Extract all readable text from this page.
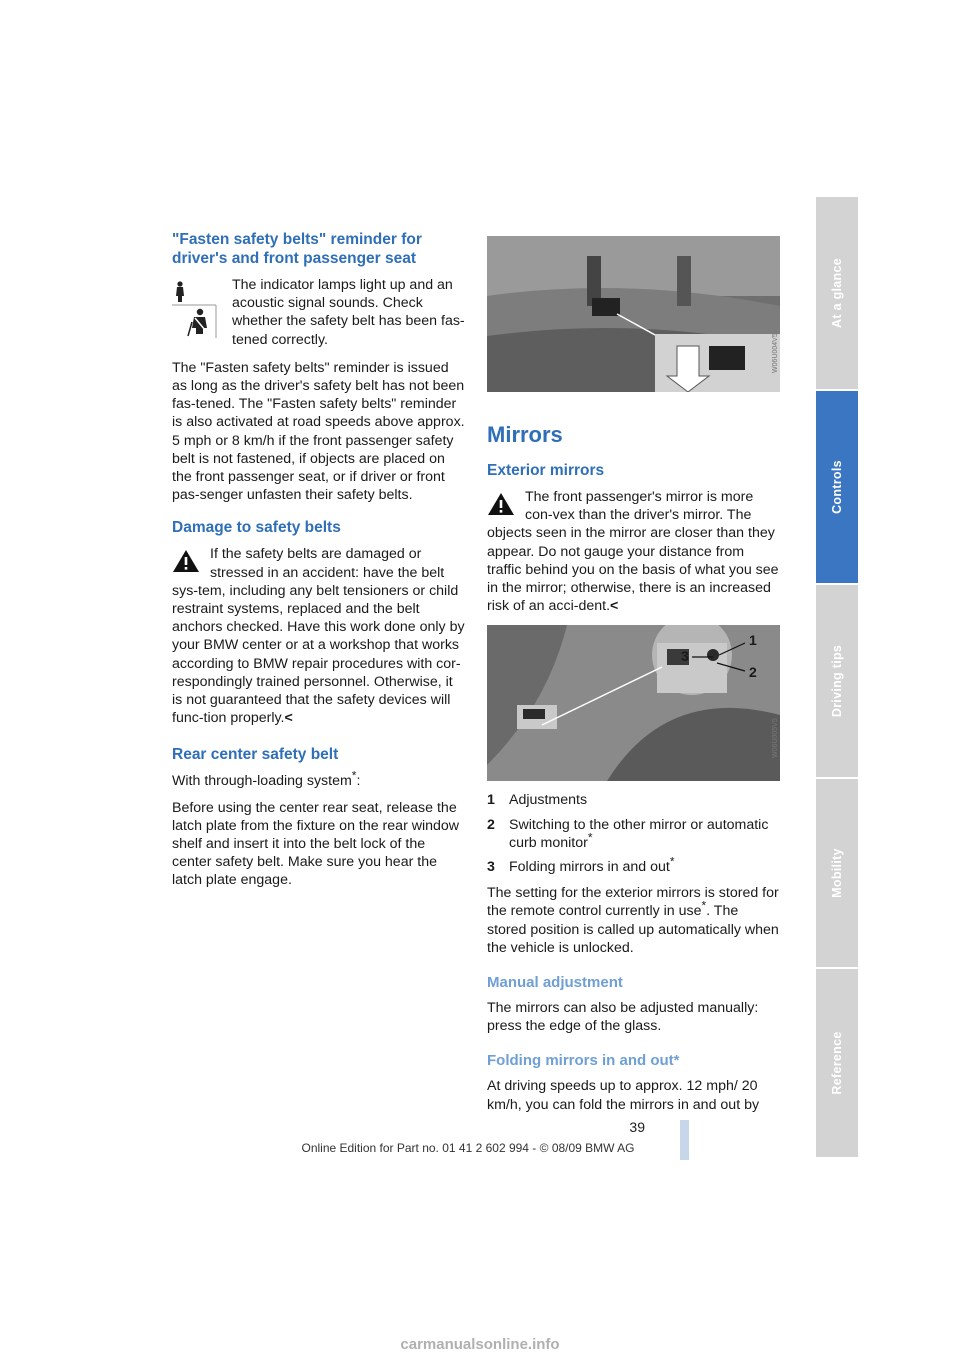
"Fasten safety belts" reminder for driver's and front passenger seat
The indicator lamps light up and an acoustic signal sounds. Check whether the safety belt has been fas-tened correctly.

The "Fasten safety belts" reminder is issued as long as the driver's safety belt has not been fas-tened. The "Fasten safety belts" reminder is also activated at road speeds above approx. 5 mph or 8 km/h if the front passenger safety belt is not fastened, if objects are placed on the front passenger seat, or if driver or front pas-senger unfasten their safety belts.

Damage to safety belts
If the safety belts are damaged or stressed in an accident: have the belt sys-tem, including any belt tensioners or child restraint systems, replaced and the belt anchors checked. Have this work done only by your BMW center or at a workshop that works according to BMW repair procedures with cor-respondingly trained personnel. Otherwise, it is not guaranteed that the safety devices will func-tion properly.<
Rear center safety belt

With through-loading system*:

Before using the center rear seat, release the latch plate from the fixture on the rear window shelf and insert it into the belt lock of the center safety belt. Make sure you hear the latch plate engage.

W06U004V5
Mirrors
Exterior mirrors
The front passenger's mirror is more con-vex than the driver's mirror. The objects seen in the mirror are closer than they appear. Do not gauge your distance from traffic behind you on the basis of what you see in the mirror; otherwise, there is an increased risk of an acci-dent.<
1
2
3
W06U005V5
1 Adjustments
2 Switching to the other mirror or automatic curb monitor*
3 Folding mirrors in and out*

The setting for the exterior mirrors is stored for the remote control currently in use*. The stored position is called up automatically when the vehicle is unlocked.

Manual adjustment

The mirrors can also be adjusted manually: press the edge of the glass.

Folding mirrors in and out*

At driving speeds up to approx. 12 mph/ 20 km/h, you can fold the mirrors in and out by

At a glance
Controls
Driving tips
Mobility
Reference
39
Online Edition for Part no. 01 41 2 602 994 - © 08/09 BMW AG
carmanualsonline.info
